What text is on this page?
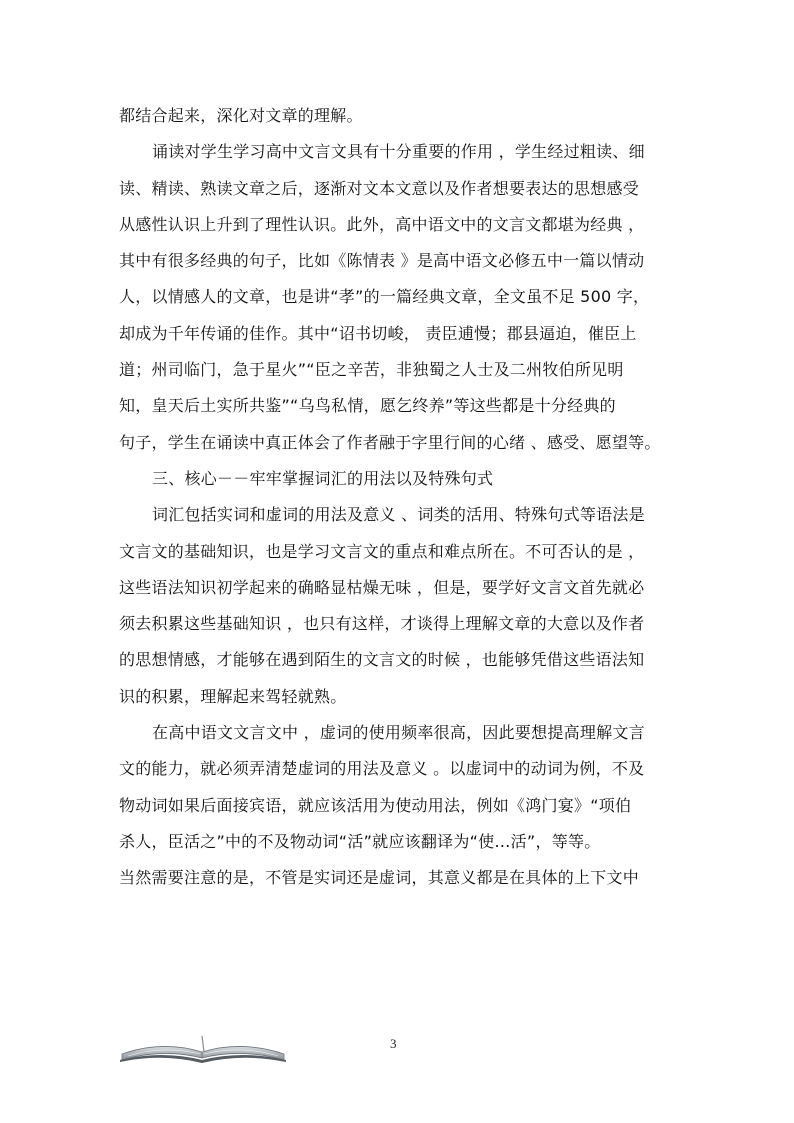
都结合起来，深化对文章的理解。
诵读对学生学习高中文言文具有十分重要的作用 ，学生经过粗读、细
读、精读、熟读文章之后，逐渐对文本文意以及作者想要表达的思想感受
从感性认识上升到了理性认识。此外，高中语文中的文言文都堪为经典 ，
其中有很多经典的句子，比如《陈情表 》是高中语文必修五中一篇以情动
人，以情感人的文章，也是讲“孝”的一篇经典文章，全文虽不足 500 字，
却成为千年传诵的佳作。其中“诏书切峻， 责臣逋慢；郡县逼迫，催臣上
道；州司临门，急于星火”“臣之辛苦，非独蜀之人士及二州牧伯所见明
知，皇天后土实所共鉴”“乌鸟私情，愿乞终养”等这些都是十分经典的
句子，学生在诵读中真正体会了作者融于字里行间的心绪 、感受、愿望等。
三、核心－－牢牢掌握词汇的用法以及特殊句式
词汇包括实词和虚词的用法及意义 、词类的活用、特殊句式等语法是
文言文的基础知识，也是学习文言文的重点和难点所在。不可否认的是 ，
这些语法知识初学起来的确略显枯燥无味 ，但是，要学好文言文首先就必
须去积累这些基础知识 ，也只有这样，才谈得上理解文章的大意以及作者
的思想情感，才能够在遇到陌生的文言文的时候 ，也能够凭借这些语法知
识的积累，理解起来驾轻就熟。
在高中语文文言文中 ，虚词的使用频率很高，因此要想提高理解文言
文的能力，就必须弄清楚虚词的用法及意义 。以虚词中的动词为例，不及
物动词如果后面接宾语，就应该活用为使动用法，例如《鸿门宴》“项伯
杀人，臣活之”中的不及物动词“活”就应该翻译为“使…活”，等等。
当然需要注意的是，不管是实词还是虚词，其意义都是在具体的上下文中
3
